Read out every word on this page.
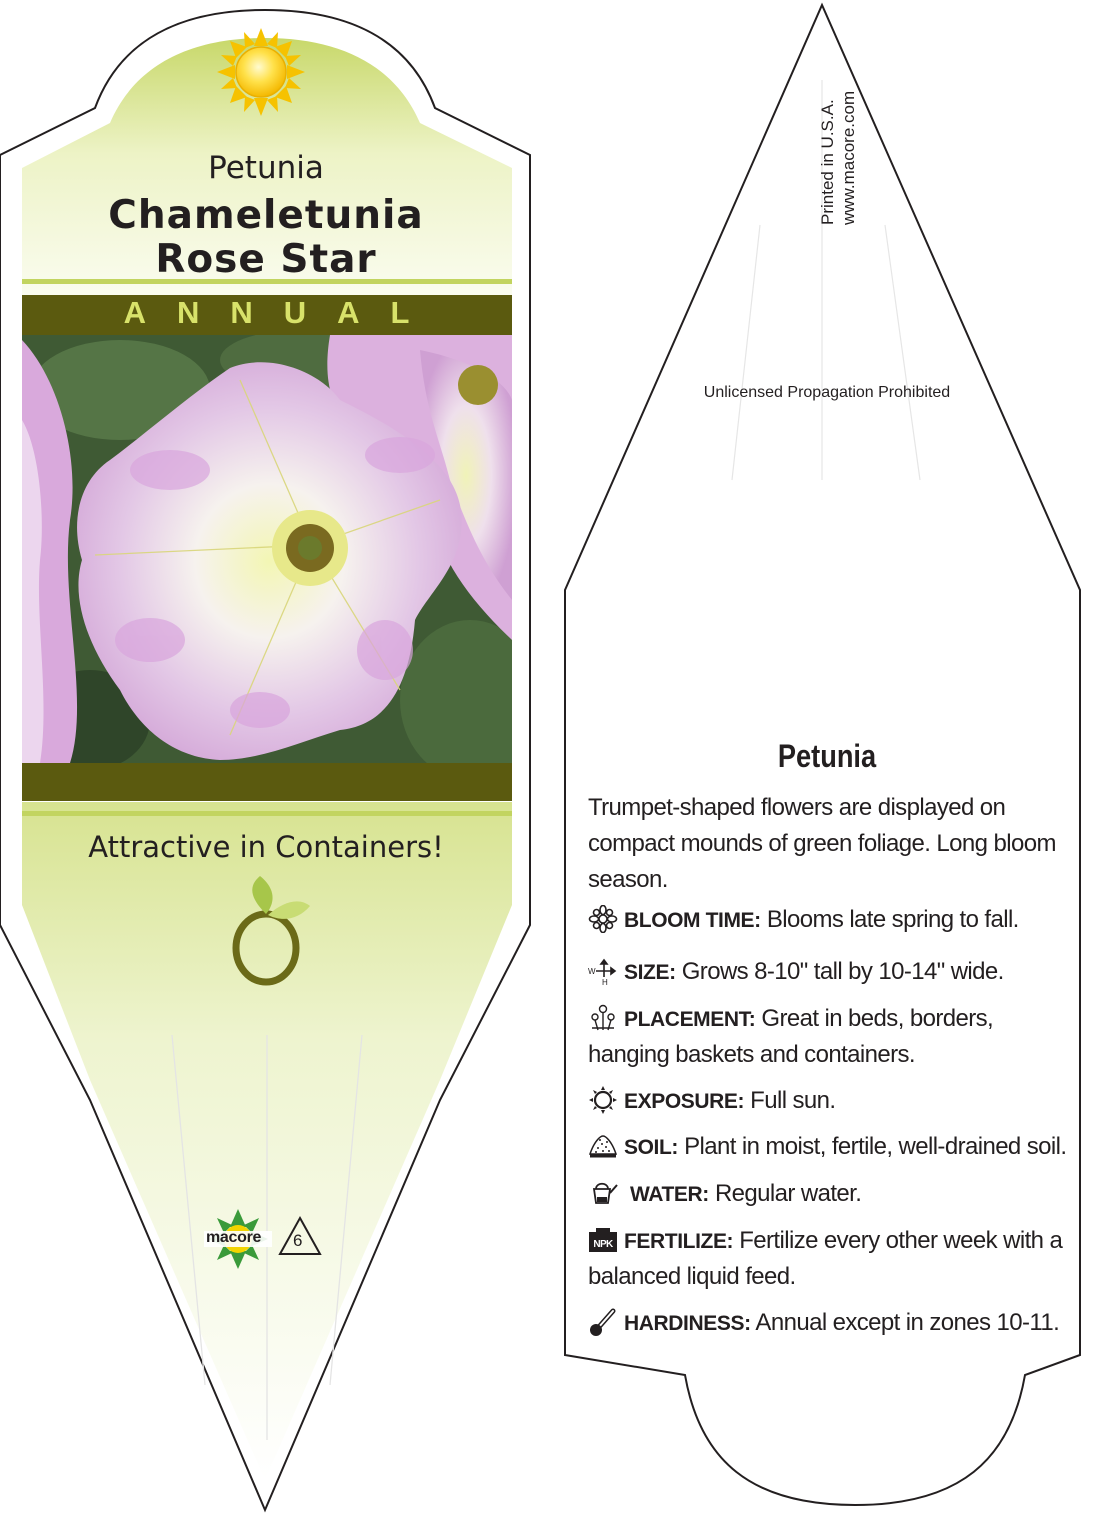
Petunia
Chameletunia
Rose Star
ANNUAL
Attractive in Containers!
macore 6
Printed in U.S.A. www.macore.com
Unlicensed Propagation Prohibited
Petunia
Trumpet-shaped flowers are displayed on compact mounds of green foliage. Long bloom season.
BLOOM TIME: Blooms late spring to fall.
W
H SIZE: Grows 8-10" tall by 10-14" wide.
PLACEMENT: Great in beds, borders, hanging baskets and containers.
EXPOSURE: Full sun.
SOIL: Plant in moist, fertile, well-drained soil.
WATER: Regular water.
NPK FERTILIZE: Fertilize every other week with a balanced liquid feed.
HARDINESS: Annual except in zones 10-11.
